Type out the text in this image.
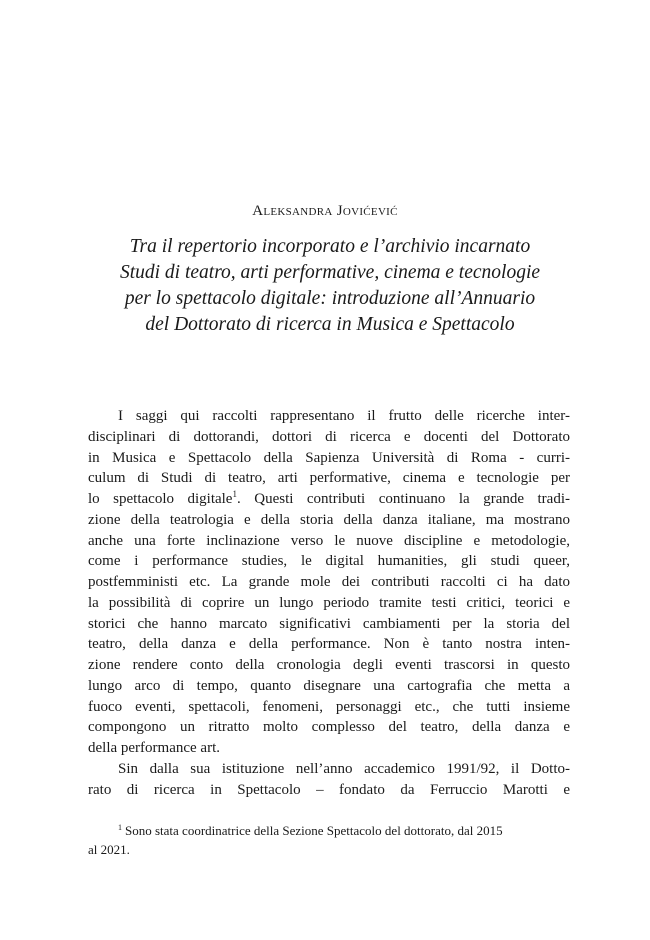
Aleksandra Jovićević
Tra il repertorio incorporato e l’archivio incarnato
Studi di teatro, arti performative, cinema e tecnologie
per lo spettacolo digitale: introduzione all’Annuario
del Dottorato di ricerca in Musica e Spettacolo
I saggi qui raccolti rappresentano il frutto delle ricerche inter-
disciplinari di dottorandi, dottori di ricerca e docenti del Dottorato
in Musica e Spettacolo della Sapienza Università di Roma - curri-
culum di Studi di teatro, arti performative, cinema e tecnologie per
lo spettacolo digitale$^1$. Questi contributi continuano la grande tradi-
zione della teatrologia e della storia della danza italiane, ma mostrano
anche una forte inclinazione verso le nuove discipline e metodologie,
come i performance studies, le digital humanities, gli studi queer,
postfemministi etc. La grande mole dei contributi raccolti ci ha dato
la possibilità di coprire un lungo periodo tramite testi critici, teorici e
storici che hanno marcato significativi cambiamenti per la storia del
teatro, della danza e della performance. Non è tanto nostra inten-
zione rendere conto della cronologia degli eventi trascorsi in questo
lungo arco di tempo, quanto disegnare una cartografia che metta a
fuoco eventi, spettacoli, fenomeni, personaggi etc., che tutti insieme
compongono un ritratto molto complesso del teatro, della danza e
della performance art.
Sin dalla sua istituzione nell’anno accademico 1991/92, il Dotto-
rato di ricerca in Spettacolo – fondato da Ferruccio Marotti e
$^1$ Sono stata coordinatrice della Sezione Spettacolo del dottorato, dal 2015
al 2021.
